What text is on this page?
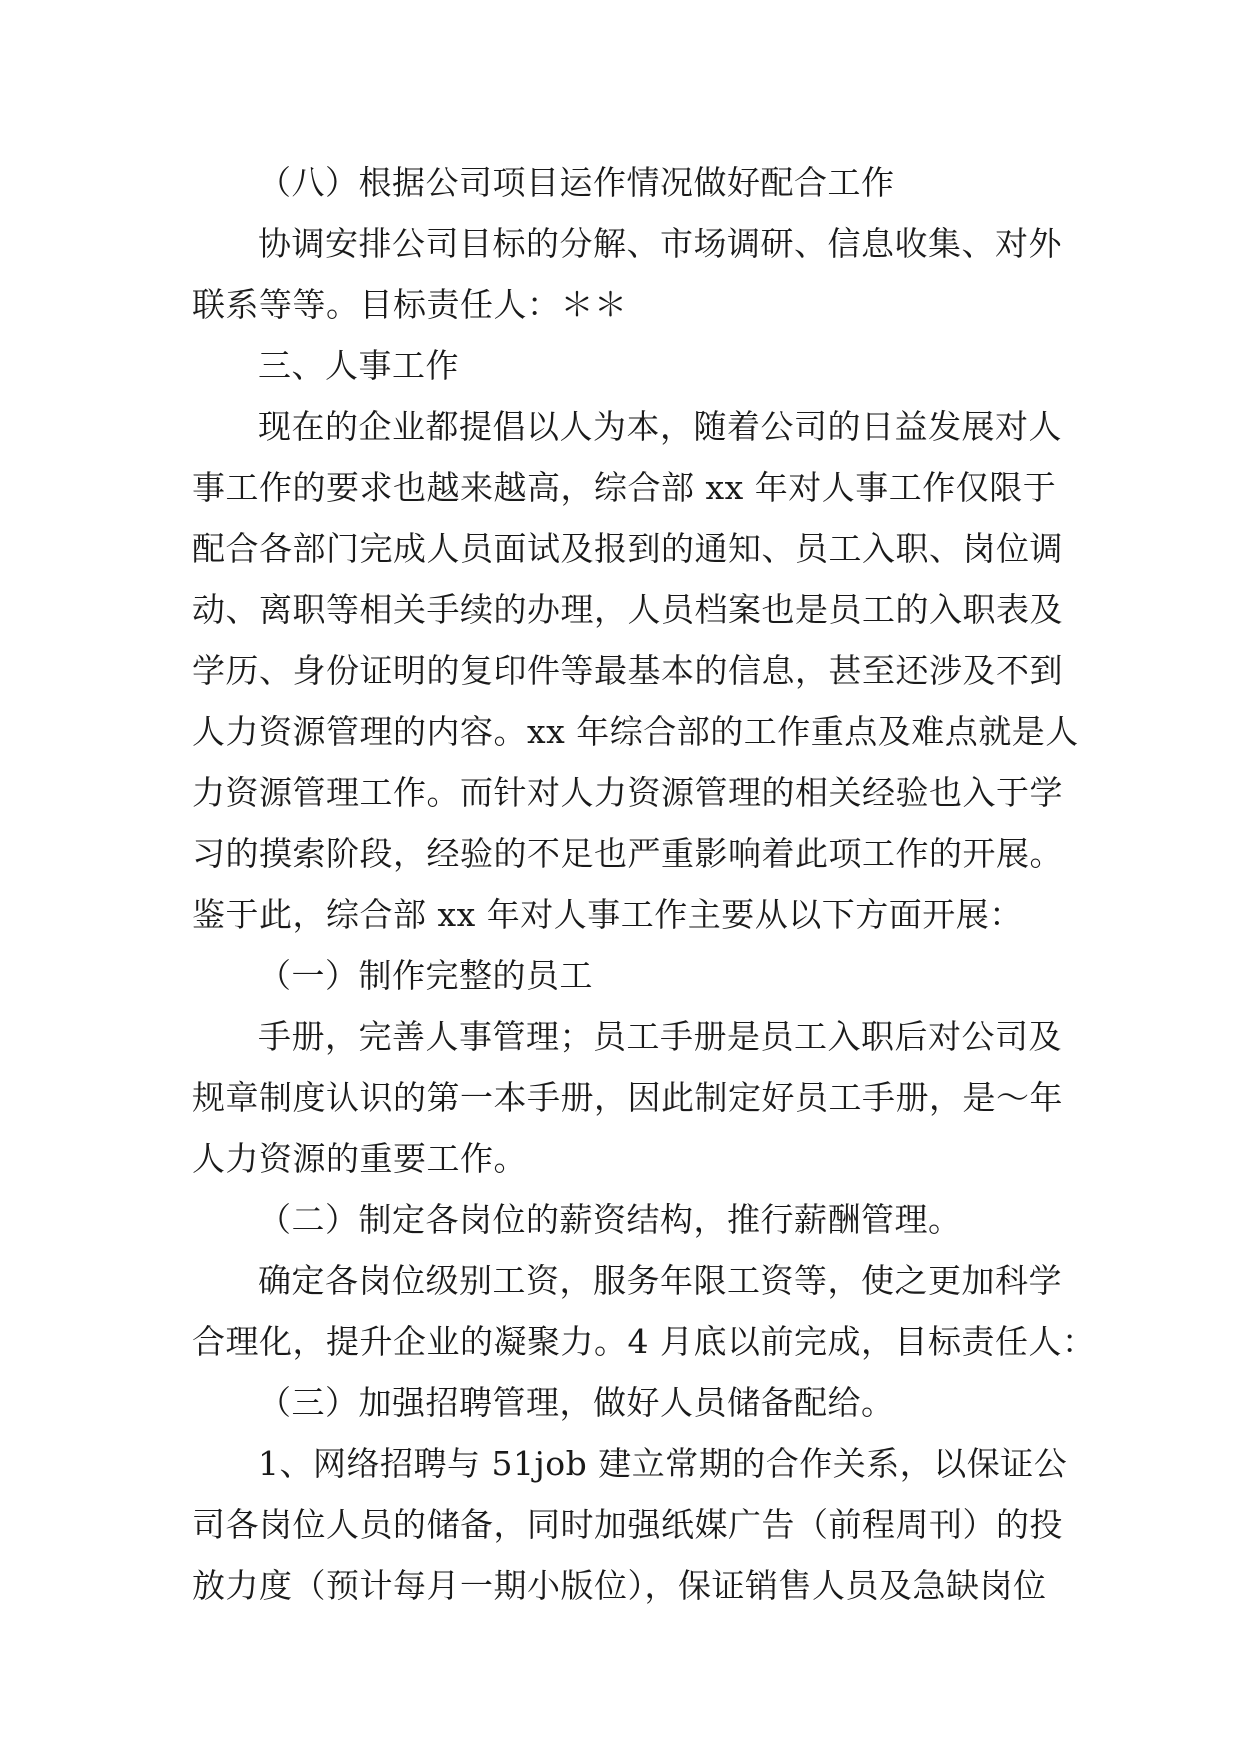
（八）根据公司项目运作情况做好配合工作
协调安排公司目标的分解、市场调研、信息收集、对外
联系等等。目标责任人：＊＊
三、人事工作
现在的企业都提倡以人为本，随着公司的日益发展对人
事工作的要求也越来越高，综合部 xx 年对人事工作仅限于
配合各部门完成人员面试及报到的通知、员工入职、岗位调
动、离职等相关手续的办理，人员档案也是员工的入职表及
学历、身份证明的复印件等最基本的信息，甚至还涉及不到
人力资源管理的内容。xx 年综合部的工作重点及难点就是人
力资源管理工作。而针对人力资源管理的相关经验也入于学
习的摸索阶段，经验的不足也严重影响着此项工作的开展。
鉴于此，综合部 xx 年对人事工作主要从以下方面开展：
（一）制作完整的员工
手册，完善人事管理；员工手册是员工入职后对公司及
规章制度认识的第一本手册，因此制定好员工手册，是～年
人力资源的重要工作。
（二）制定各岗位的薪资结构，推行薪酬管理。
确定各岗位级别工资，服务年限工资等，使之更加科学
合理化，提升企业的凝聚力。4 月底以前完成，目标责任人：
（三）加强招聘管理，做好人员储备配给。
1、网络招聘与 51job 建立常期的合作关系，以保证公
司各岗位人员的储备，同时加强纸媒广告（前程周刊）的投
放力度（预计每月一期小版位），保证销售人员及急缺岗位
